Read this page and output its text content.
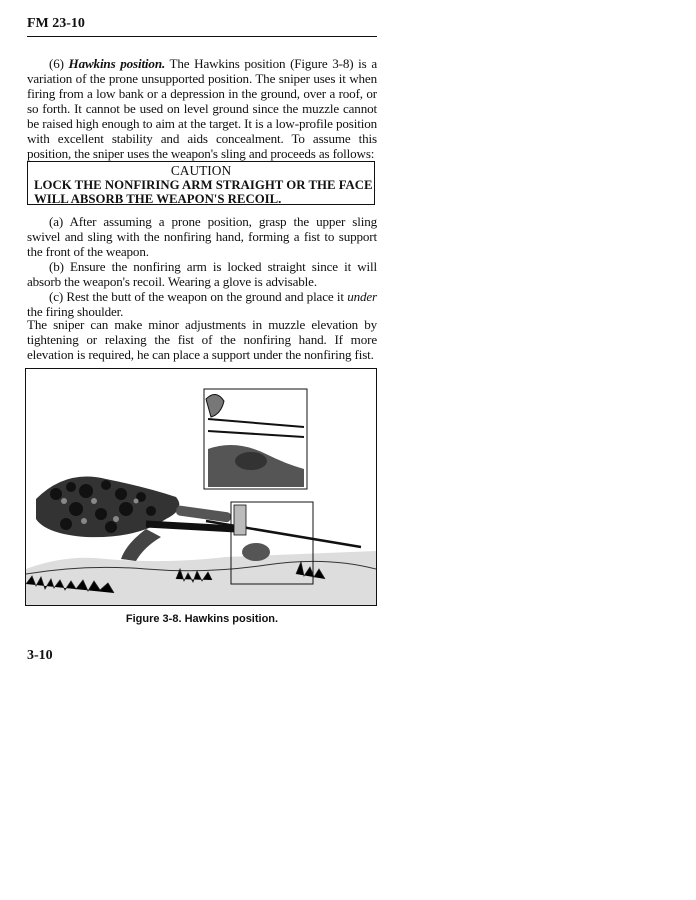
FM 23-10
(6) Hawkins position. The Hawkins position (Figure 3-8) is a variation of the prone unsupported position. The sniper uses it when firing from a low bank or a depression in the ground, over a roof, or so forth. It cannot be used on level ground since the muzzle cannot be raised high enough to aim at the target. It is a low-profile position with excellent stability and aids concealment. To assume this position, the sniper uses the weapon's sling and proceeds as follows:
CAUTION
LOCK THE NONFIRING ARM STRAIGHT OR THE FACE WILL ABSORB THE WEAPON'S RECOIL.

(a) After assuming a prone position, grasp the upper sling swivel and sling with the nonfiring hand, forming a fist to support the front of the weapon.

(b) Ensure the nonfiring arm is locked straight since it will absorb the weapon's recoil. Wearing a glove is advisable.

(c) Rest the butt of the weapon on the ground and place it under the firing shoulder.

The sniper can make minor adjustments in muzzle elevation by tightening or relaxing the fist of the nonfiring hand. If more elevation is required, he can place a support under the nonfiring fist.
Figure 3-8. Hawkins position.
3-10
